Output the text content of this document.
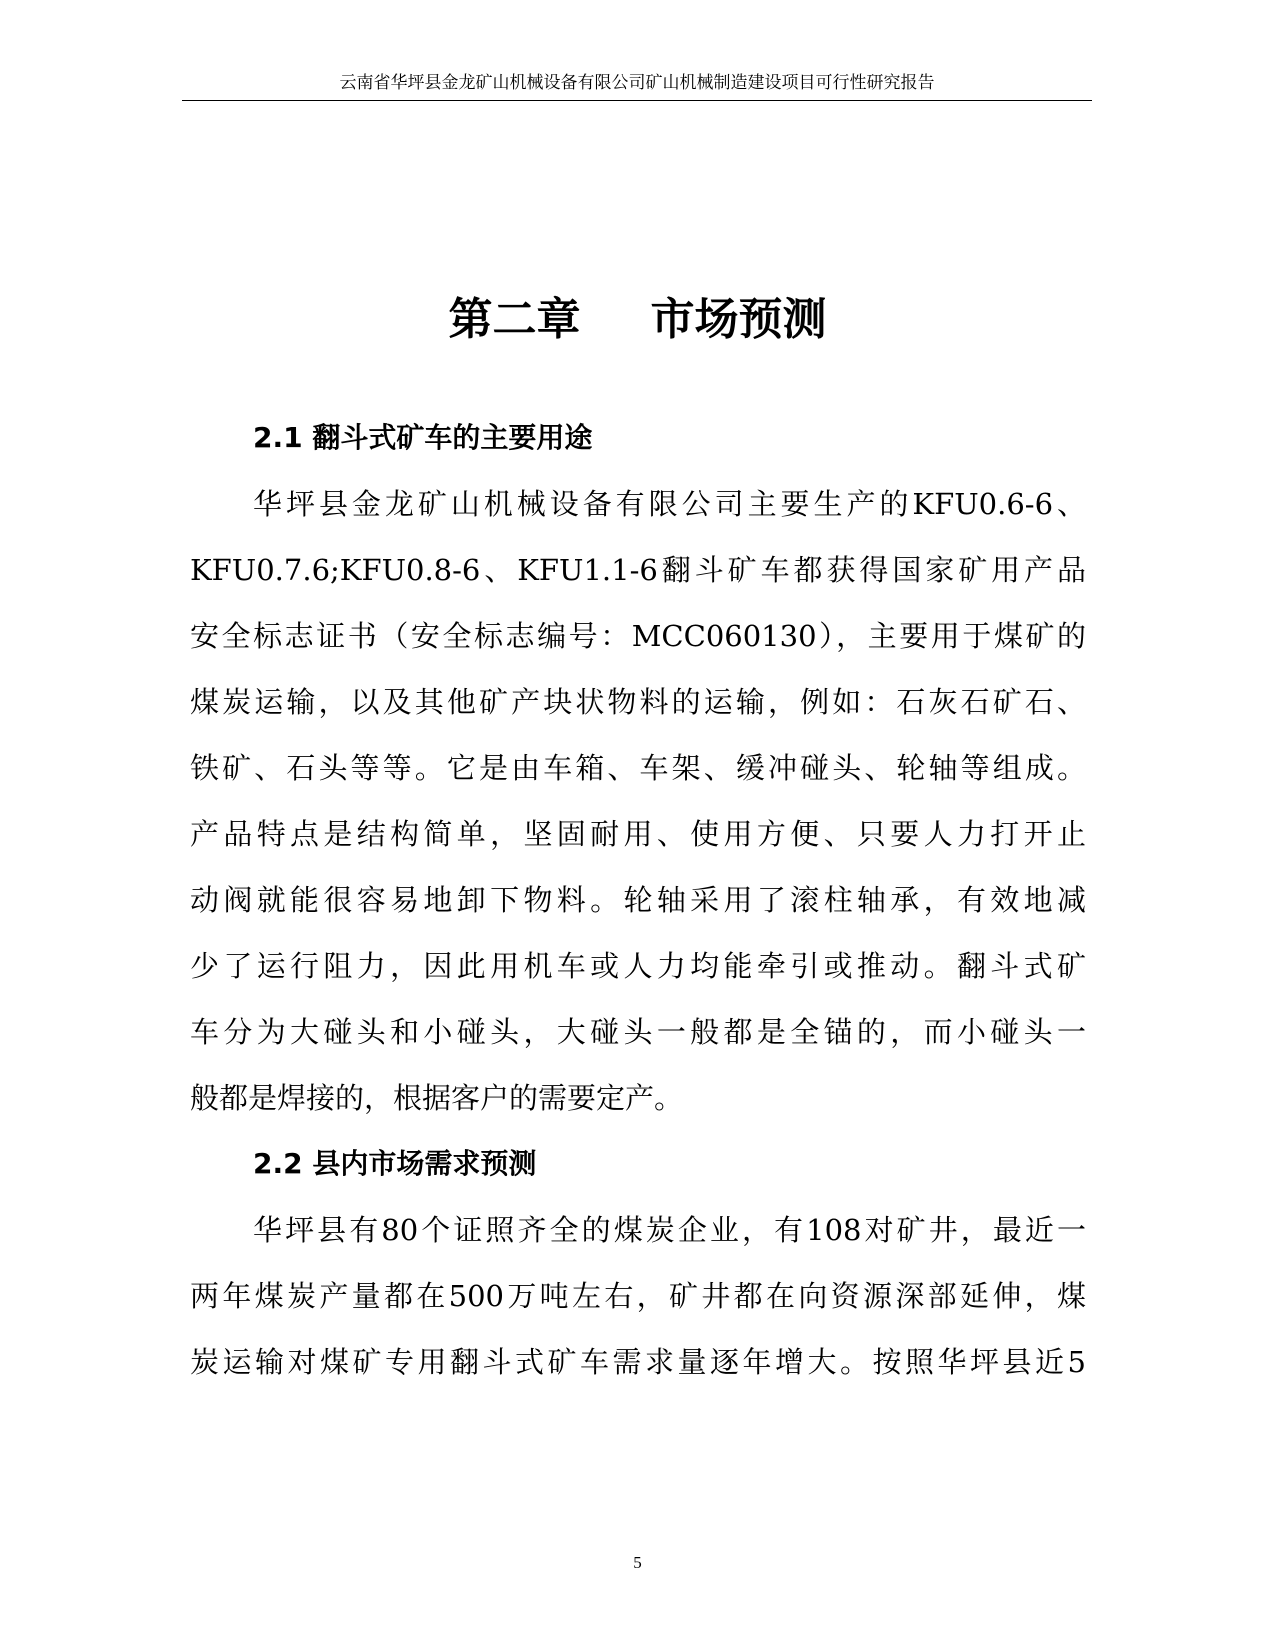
云南省华坪县金龙矿山机械设备有限公司矿山机械制造建设项目可行性研究报告
第二章 市场预测
2.1 翻斗式矿车的主要用途
华坪县金龙矿山机械设备有限公司主要生产的KFU0.6-6、
KFU0.7.6;KFU0.8-6、KFU1.1-6翻斗矿车都获得国家矿用产品
安全标志证书（安全标志编号：MCC060130），主要用于煤矿的
煤炭运输，以及其他矿产块状物料的运输，例如：石灰石矿石、
铁矿、石头等等。它是由车箱、车架、缓冲碰头、轮轴等组成。
产品特点是结构简单，坚固耐用、使用方便、只要人力打开止
动阀就能很容易地卸下物料。轮轴采用了滚柱轴承，有效地减
少了运行阻力，因此用机车或人力均能牵引或推动。翻斗式矿
车分为大碰头和小碰头，大碰头一般都是全锚的，而小碰头一
般都是焊接的，根据客户的需要定产。
2.2 县内市场需求预测
华坪县有80个证照齐全的煤炭企业，有108对矿井，最近一
两年煤炭产量都在500万吨左右，矿井都在向资源深部延伸，煤
炭运输对煤矿专用翻斗式矿车需求量逐年增大。按照华坪县近5
5
